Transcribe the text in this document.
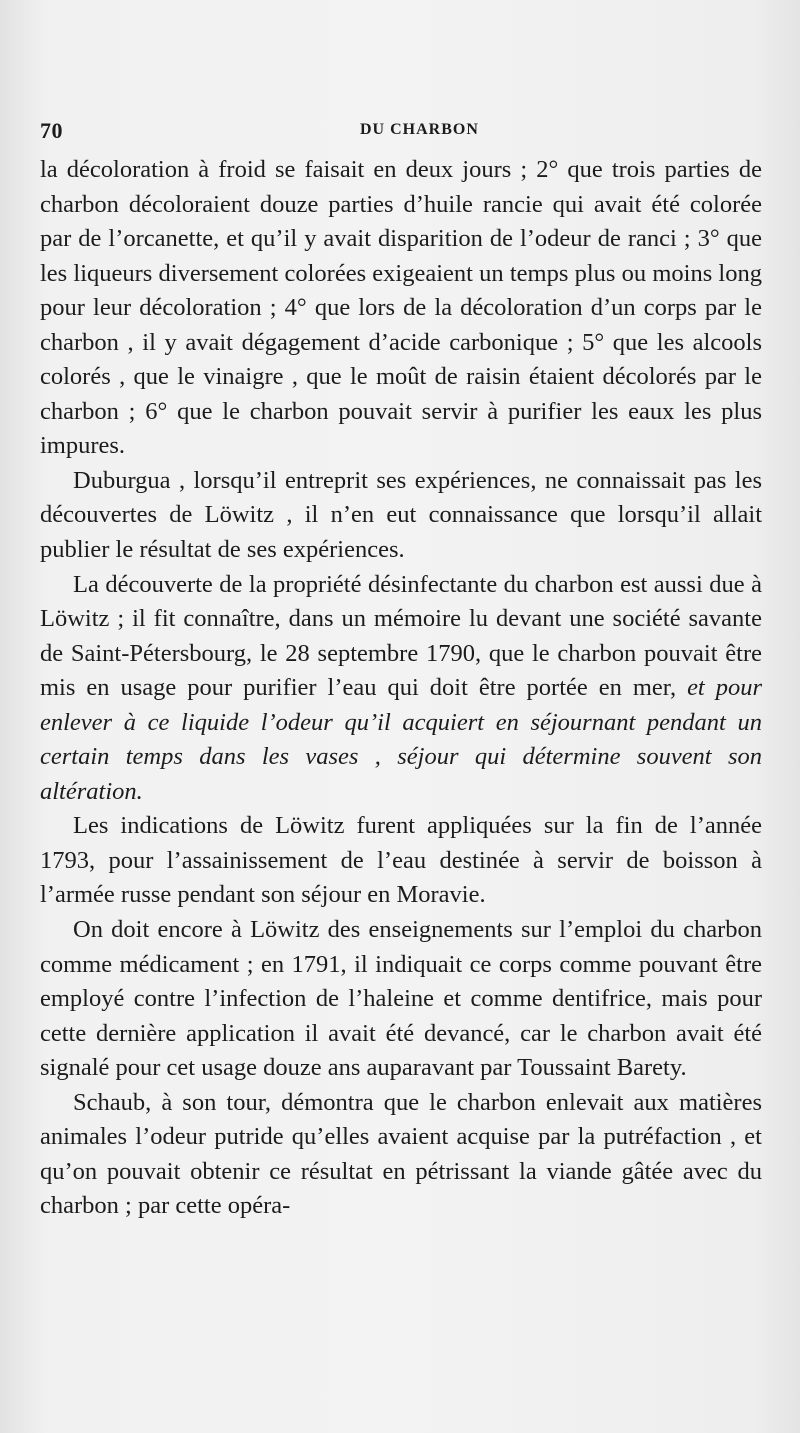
70	DU CHARBON

la décoloration à froid se faisait en deux jours ; 2° que trois parties de charbon décoloraient douze parties d’huile rancie qui avait été colorée par de l’orcanette, et qu’il y avait disparition de l’odeur de ranci ; 3° que les liqueurs diversement colorées exigeaient un temps plus ou moins long pour leur décoloration ; 4° que lors de la décoloration d’un corps par le charbon , il y avait dégagement d’acide carbonique ; 5° que les alcools colorés , que le vinaigre , que le moût de raisin étaient décolorés par le charbon ; 6° que le charbon pouvait servir à purifier les eaux les plus impures.

Duburgua , lorsqu’il entreprit ses expériences, ne connaissait pas les découvertes de Löwitz , il n’en eut connaissance que lorsqu’il allait publier le résultat de ses expériences.

La découverte de la propriété désinfectante du charbon est aussi due à Löwitz ; il fit connaître, dans un mémoire lu devant une société savante de Saint-Pétersbourg, le 28 septembre 1790, que le charbon pouvait être mis en usage pour purifier l’eau qui doit être portée en mer, et pour enlever à ce liquide l’odeur qu’il acquiert en séjournant pendant un certain temps dans les vases , séjour qui détermine souvent son altération.

Les indications de Löwitz furent appliquées sur la fin de l’année 1793, pour l’assainissement de l’eau destinée à servir de boisson à l’armée russe pendant son séjour en Moravie.

On doit encore à Löwitz des enseignements sur l’emploi du charbon comme médicament ; en 1791, il indiquait ce corps comme pouvant être employé contre l’infection de l’haleine et comme dentifrice, mais pour cette dernière application il avait été devancé, car le charbon avait été signalé pour cet usage douze ans auparavant par Toussaint Barety.

Schaub, à son tour, démontra que le charbon enlevait aux matières animales l’odeur putride qu’elles avaient acquise par la putréfaction , et qu’on pouvait obtenir ce résultat en pétrissant la viande gâtée avec du charbon ; par cette opéra-
